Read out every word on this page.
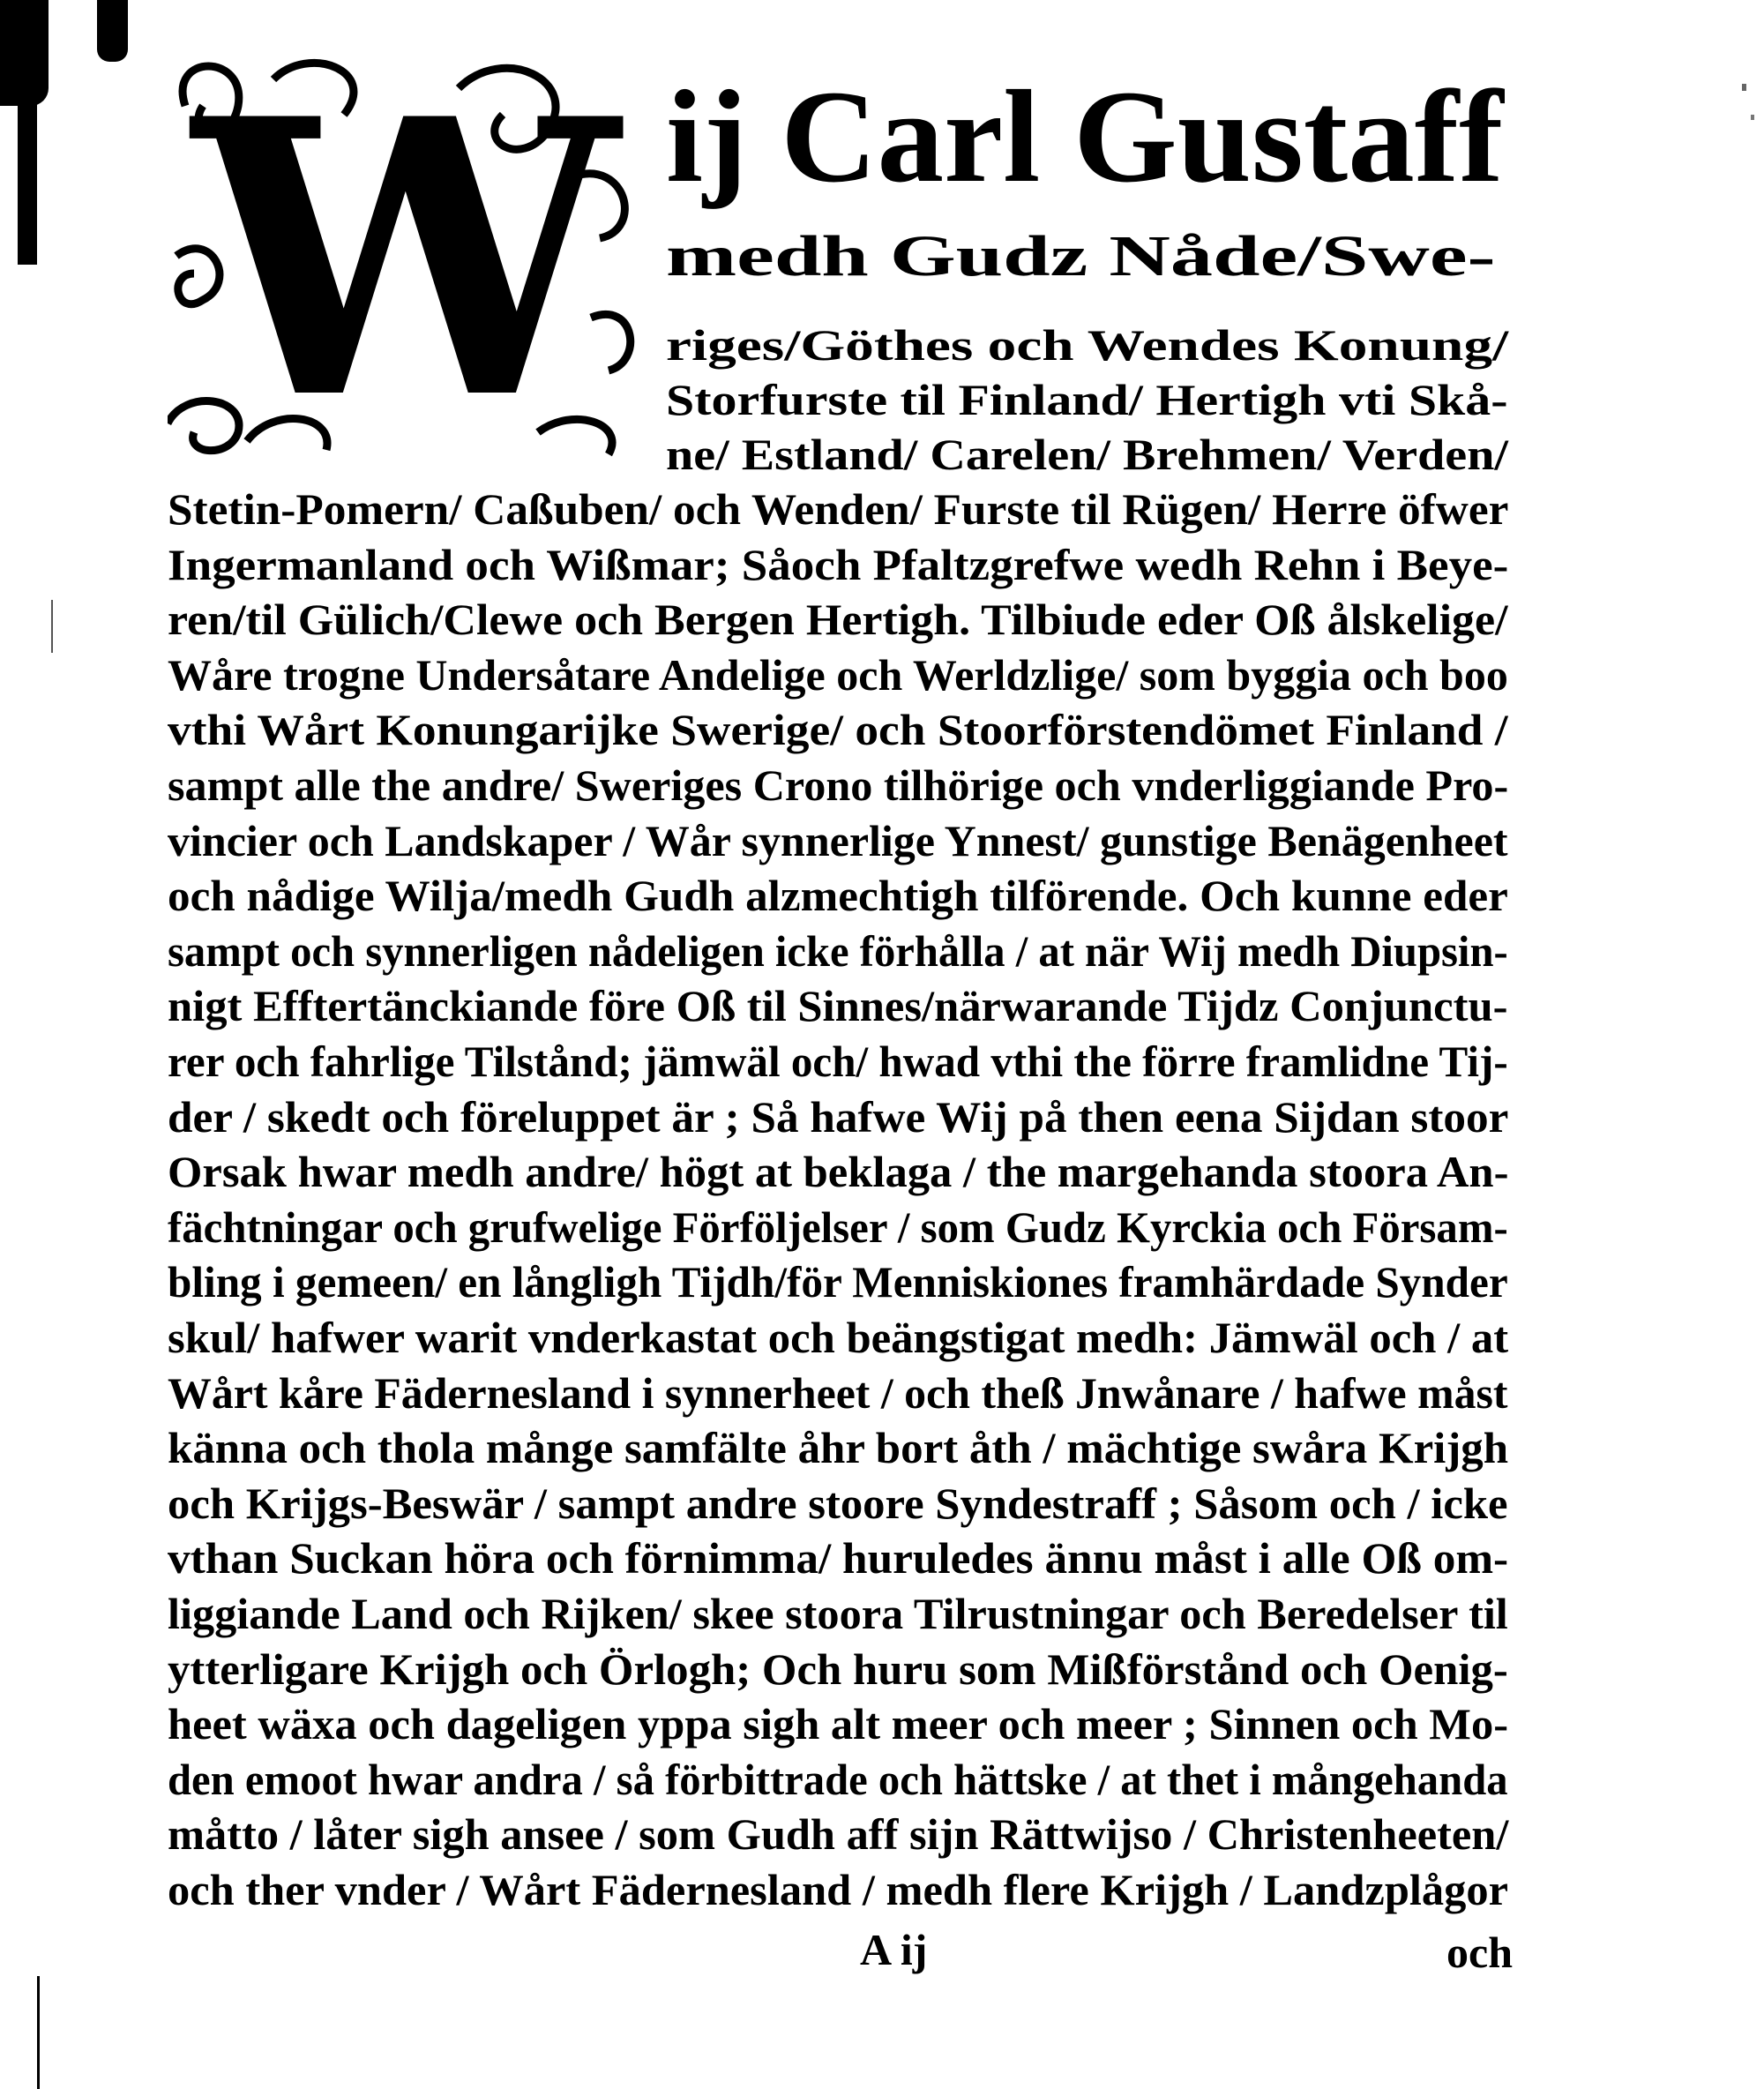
W ij Carl Gustaff
medh Gudz Nåde/Swe-
riges/Göthes och Wendes Konung/
Storfurste til Finland/ Hertigh vti Skå-
ne/ Estland/ Carelen/ Brehmen/ Verden/
Stetin-Pomern/ Caßuben/ och Wenden/ Furste til Rügen/ Herre öfwer
Ingermanland och Wißmar; Såoch Pfaltzgrefwe wedh Rehn i Beye-
ren/til Gülich/Clewe och Bergen Hertigh. Tilbiude eder Oß ålskelige/
Wåre trogne Undersåtare Andelige och Werldzlige/ som byggia och boo
vthi Wårt Konungarijke Swerige/ och Stoorförstendömet Finland /
sampt alle the andre/ Sweriges Crono tilhörige och vnderliggiande Pro-
vincier och Landskaper / Wår synnerlige Ynnest/ gunstige Benägenheet
och nådige Wilja/medh Gudh alzmechtigh tilförende. Och kunne eder
sampt och synnerligen nådeligen icke förhålla / at när Wij medh Diupsin-
nigt Efftertänckiande före Oß til Sinnes/närwarande Tijdz Conjunctu-
rer och fahrlige Tilstånd; jämwäl och/ hwad vthi the förre framlidne Tij-
der / skedt och föreluppet är ; Så hafwe Wij på then eena Sijdan stoor
Orsak hwar medh andre/ högt at beklaga / the margehanda stoora An-
fächtningar och grufwelige Förföljelser / som Gudz Kyrckia och Försam-
bling i gemeen/ en långligh Tijdh/för Menniskiones framhärdade Synder
skul/ hafwer warit vnderkastat och beängstigat medh: Jämwäl och / at
Wårt kåre Fädernesland i synnerheet / och theß Jnwånare / hafwe måst
känna och thola månge samfälte åhr bort åth / mächtige swåra Krijgh
och Krijgs-Beswär / sampt andre stoore Syndestraff ; Såsom och / icke
vthan Suckan höra och förnimma/ huruledes ännu måst i alle Oß om-
liggiande Land och Rijken/ skee stoora Tilrustningar och Beredelser til
ytterligare Krijgh och Örlogh; Och huru som Mißförstånd och Oenig-
heet wäxa och dageligen yppa sigh alt meer och meer ; Sinnen och Mo-
den emoot hwar andra / så förbittrade och hättske / at thet i mångehanda
måtto / låter sigh ansee / som Gudh aff sijn Rättwijso / Christenheeten/
och ther vnder / Wårt Fädernesland / medh flere Krijgh / Landzplågor
A ij	och
